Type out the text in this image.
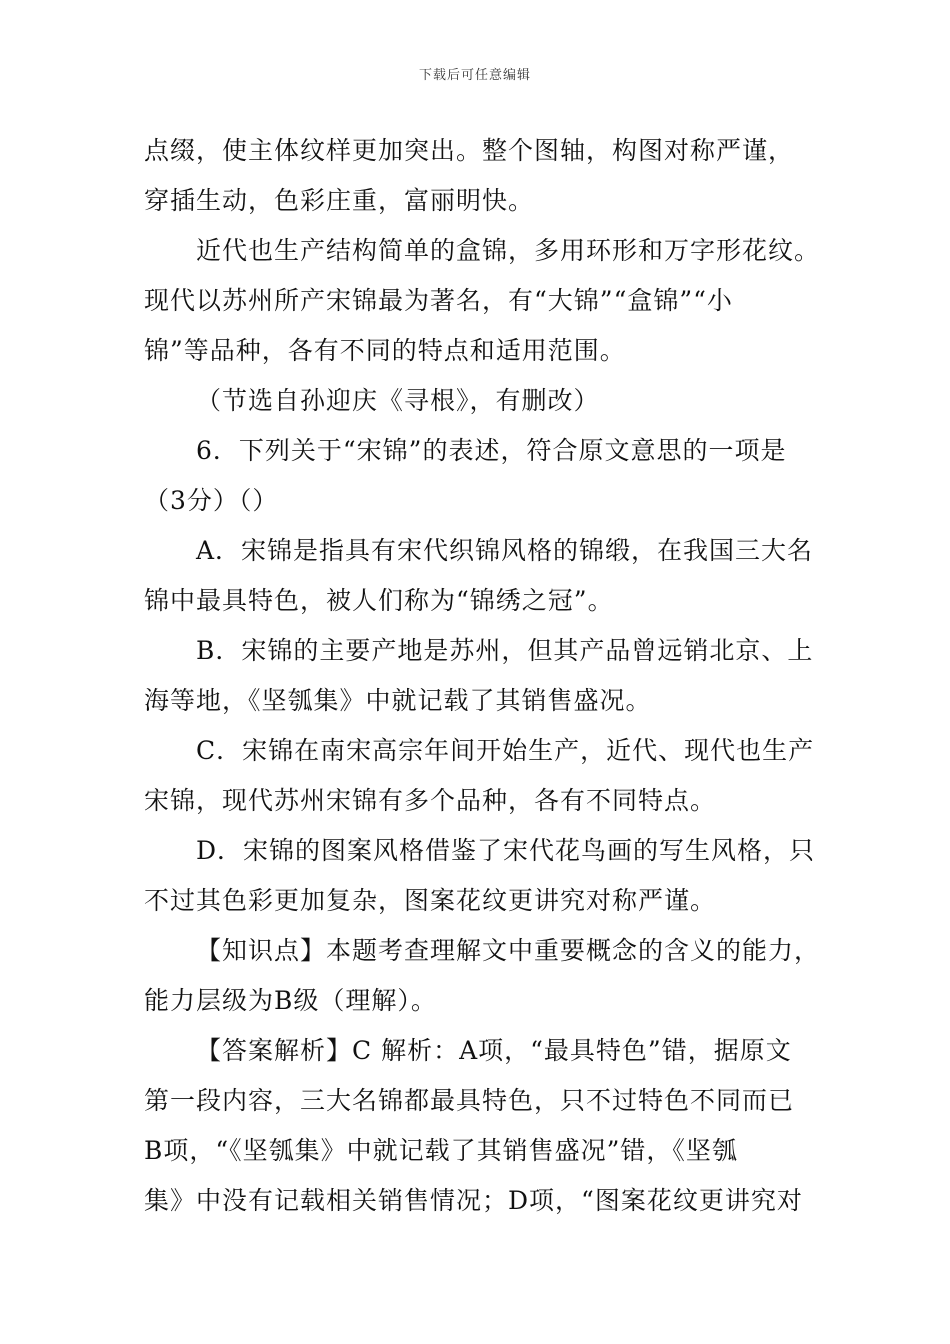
下载后可任意编辑
点缀，使主体纹样更加突出。整个图轴，构图对称严谨，
穿插生动，色彩庄重，富丽明快。
近代也生产结构简单的盒锦，多用环形和万字形花纹。
现代以苏州所产宋锦最为著名，有“大锦”“盒锦”“小
锦”等品种，各有不同的特点和适用范围。
（节选自孙迎庆《寻根》，有删改）
6．下列关于“宋锦”的表述，符合原文意思的一项是
（3分）（）
A．宋锦是指具有宋代织锦风格的锦缎，在我国三大名
锦中最具特色，被人们称为“锦绣之冠”。
B．宋锦的主要产地是苏州，但其产品曾远销北京、上
海等地，《坚瓠集》中就记载了其销售盛况。
C．宋锦在南宋高宗年间开始生产，近代、现代也生产
宋锦，现代苏州宋锦有多个品种，各有不同特点。
D．宋锦的图案风格借鉴了宋代花鸟画的写生风格，只
不过其色彩更加复杂，图案花纹更讲究对称严谨。
【知识点】本题考查理解文中重要概念的含义的能力，
能力层级为B级（理解）。
【答案解析】C 解析：A项，“最具特色”错，据原文
第一段内容，三大名锦都最具特色，只不过特色不同而已
B项，“《坚瓠集》中就记载了其销售盛况”错，《坚瓠
集》中没有记载相关销售情况；D项，“图案花纹更讲究对
